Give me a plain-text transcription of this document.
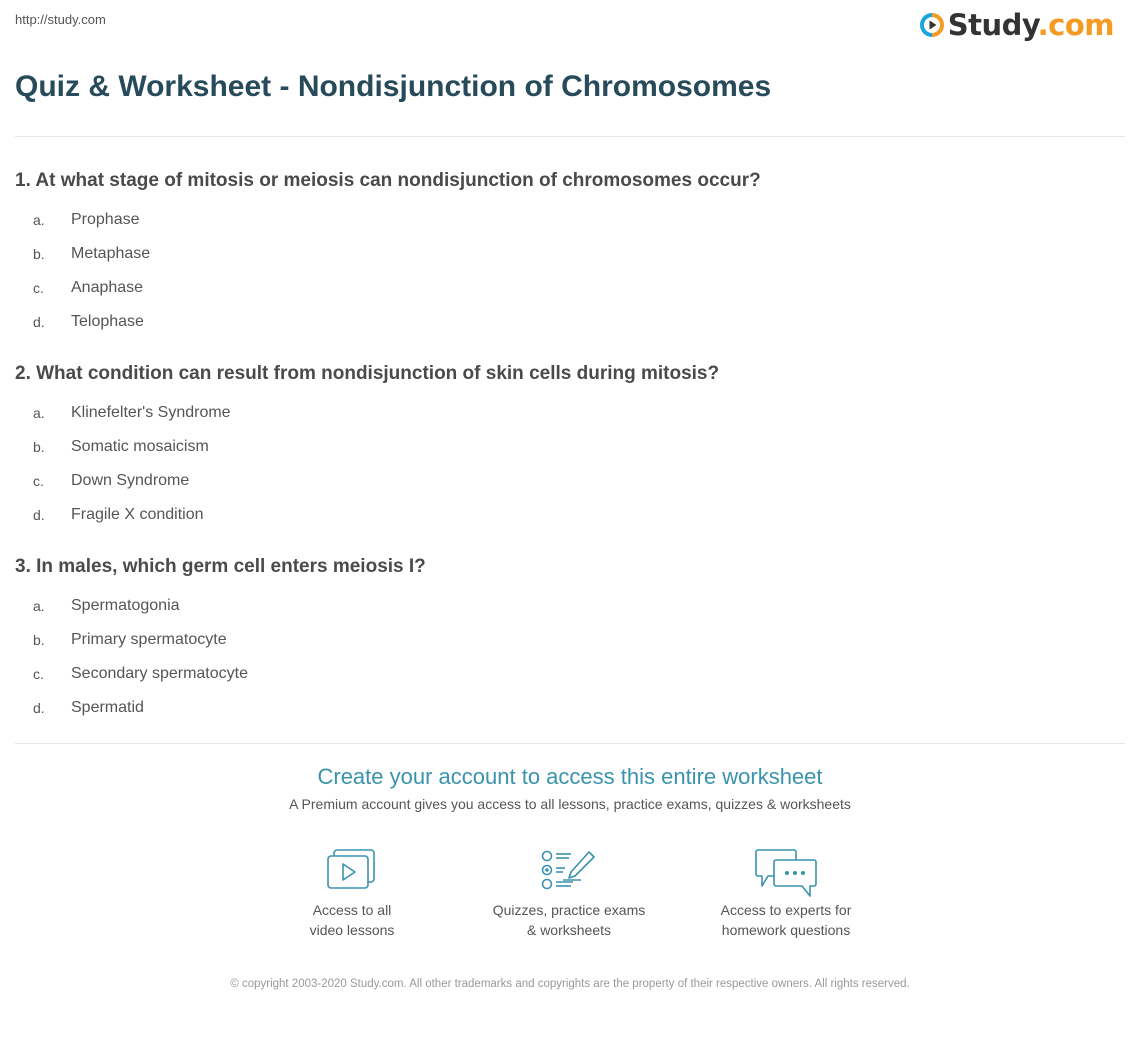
http://study.com	Study.com
Quiz & Worksheet - Nondisjunction of Chromosomes
1. At what stage of mitosis or meiosis can nondisjunction of chromosomes occur?
a.	Prophase
b.	Metaphase
c.	Anaphase
d.	Telophase
2. What condition can result from nondisjunction of skin cells during mitosis?
a.	Klinefelter's Syndrome
b.	Somatic mosaicism
c.	Down Syndrome
d.	Fragile X condition
3. In males, which germ cell enters meiosis I?
a.	Spermatogonia
b.	Primary spermatocyte
c.	Secondary spermatocyte
d.	Spermatid
Create your account to access this entire worksheet
A Premium account gives you access to all lessons, practice exams, quizzes & worksheets
Access to all
video lessons
Quizzes, practice exams
& worksheets
Access to experts for
homework questions
© copyright 2003-2020 Study.com. All other trademarks and copyrights are the property of their respective owners. All rights reserved.
